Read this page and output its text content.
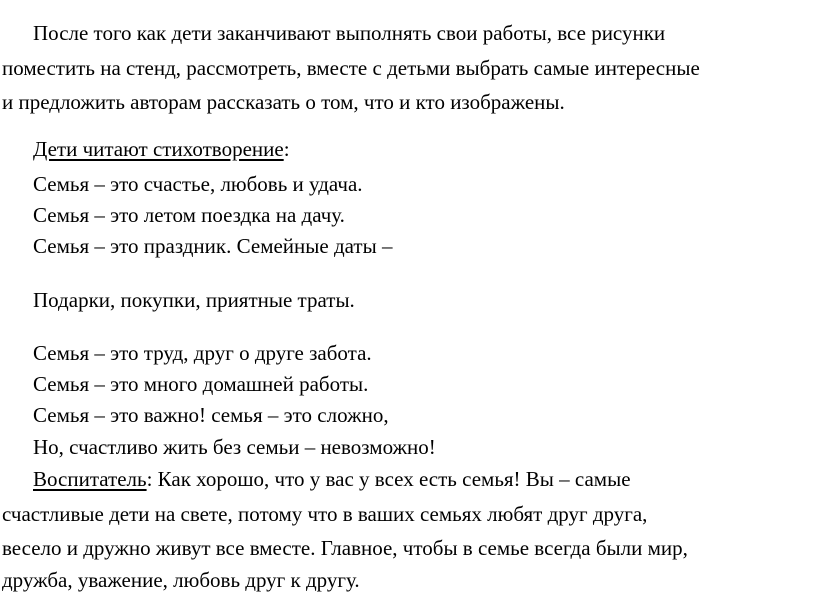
После того как дети заканчивают выполнять свои работы, все рисунки
поместить на стенд, рассмотреть, вместе с детьми выбрать самые интересные
и предложить авторам рассказать о том, что и кто изображены.
Дети читают стихотворение:
Семья – это счастье, любовь и удача.
Семья – это летом поездка на дачу.
Семья – это праздник. Семейные даты –
Подарки, покупки, приятные траты.
Семья – это труд, друг о друге забота.
Семья – это много домашней работы.
Семья – это важно! семья – это сложно,
Но, счастливо жить без семьи – невозможно!
Воспитатель: Как хорошо, что у вас у всех есть семья! Вы – самые
счастливые дети на свете, потому что в ваших семьях любят друг друга,
весело и дружно живут все вместе. Главное, чтобы в семье всегда были мир,
дружба, уважение, любовь друг к другу.
